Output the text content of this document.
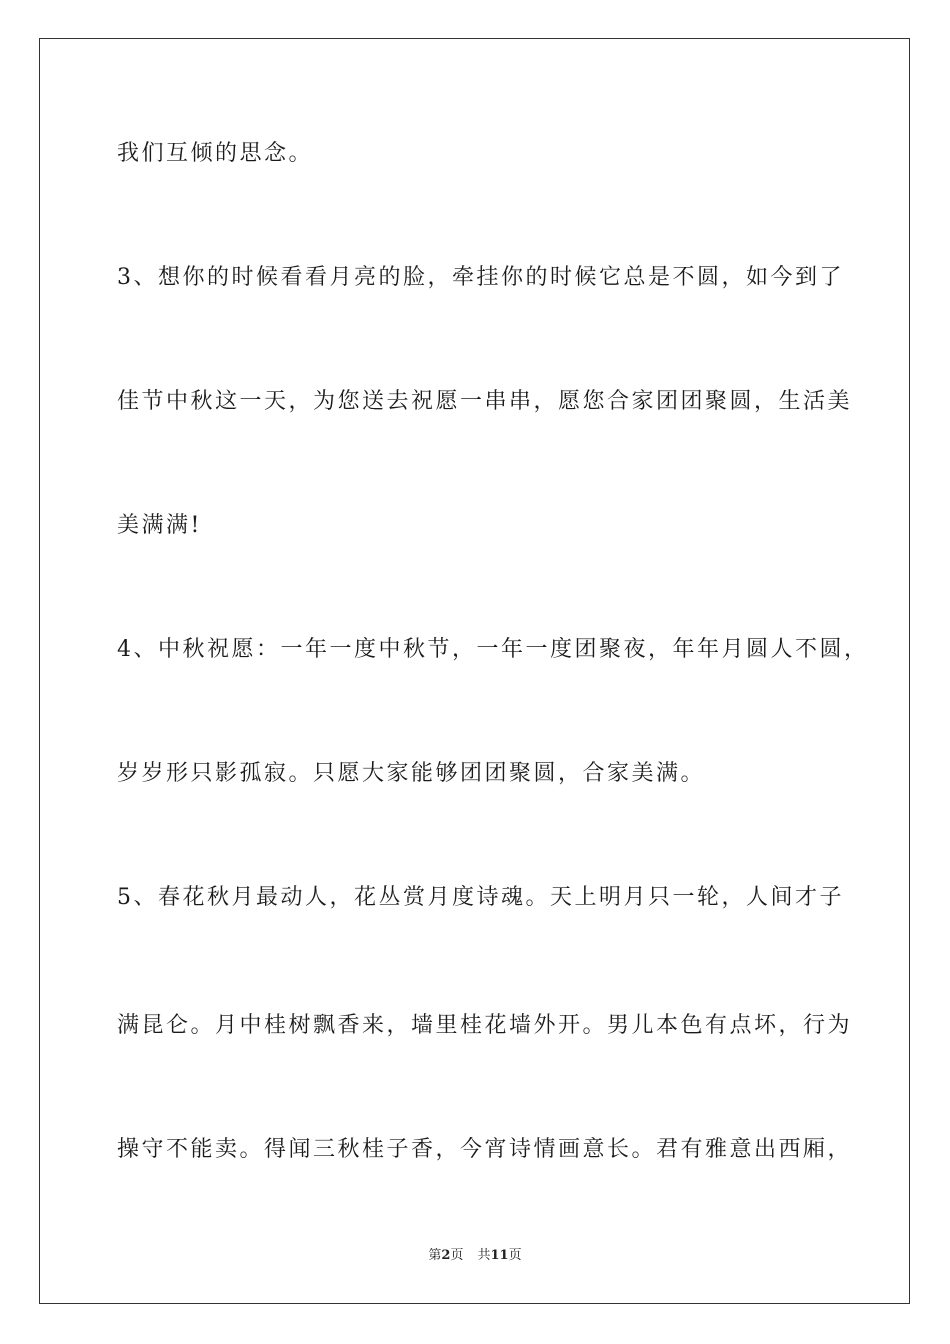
我们互倾的思念。

3、想你的时候看看月亮的脸，牵挂你的时候它总是不圆，如今到了

佳节中秋这一天，为您送去祝愿一串串，愿您合家团团聚圆，生活美

美满满!

4、中秋祝愿：一年一度中秋节，一年一度团聚夜，年年月圆人不圆，

岁岁形只影孤寂。只愿大家能够团团聚圆，合家美满。

5、春花秋月最动人，花丛赏月度诗魂。天上明月只一轮，人间才子

满昆仑。月中桂树飘香来，墙里桂花墙外开。男儿本色有点坏，行为

操守不能卖。得闻三秋桂子香，今宵诗情画意长。君有雅意出西厢，

第2页 共11页
